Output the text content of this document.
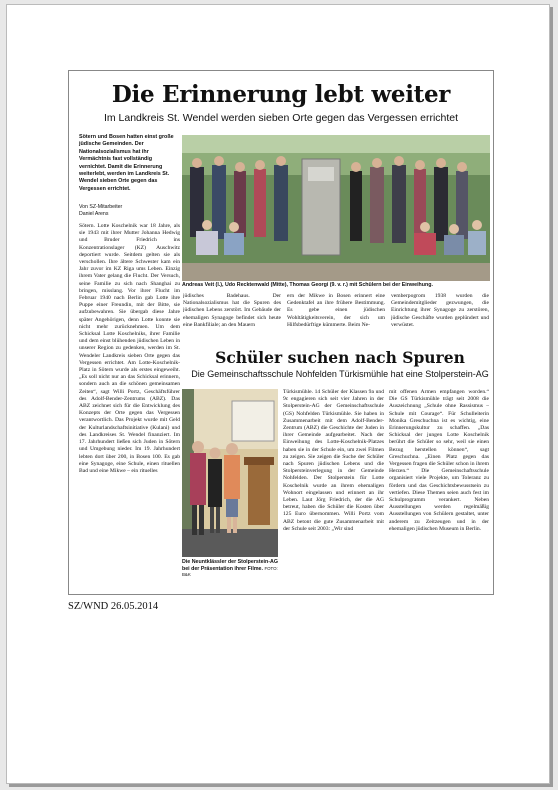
Die Erinnerung lebt weiter
Im Landkreis St. Wendel werden sieben Orte gegen das Vergessen errichtet
Sötern und Bosen hatten einst große jüdische Gemeinden. Der Nationalsozialismus hat ihr Vermächtnis fast vollständig vernichtet. Damit die Erinnerung weiterlebt, werden im Landkreis St. Wendel sieben Orte gegen das Vergessen errichtet.
Von SZ-Mitarbeiter
Daniel Arens
Sötern. Lotte Koschelnik war 18 Jahre, als sie 1943 mit ihrer Mutter Johanna Hedwig und Bruder Friedrich ins Konzentrationslager (KZ) Auschwitz deportiert wurde. Seitdem gelten sie als verschollen. Ihre ältere Schwester kam ein Jahr zuvor im KZ Riga ums Leben. Einzig ihrem Vater gelang die Flucht. Der Versuch, seine Familie zu sich nach Shanghai zu bringen, misslang. Vor ihrer Flucht im Februar 1940 nach Berlin gab Lotte ihre Puppe einer Freundin, mit der Bitte, sie aufzubewahren. Sie übergab diese Jahre später Angehörigen, denn Lotte konnte sie nicht mehr zurücknehmen. Um dem Schicksal Lotte Koschelniks, ihrer Familie und dem einst blühenden jüdischen Leben in unserer Region zu gedenken, werden im St. Wendeler Landkreis sieben Orte gegen das Vergessen errichtet. Am Lotte-Koschelnik-Platz in Sötern wurde als erstes eingeweiht. „Es soll nicht nur an das Schicksal erinnern, sondern auch an die schönen gemeinsamen Zeiten“, sagt Willi Portz, Geschäftsführer des Adolf-Bender-Zentrums (ABZ). Das ABZ zeichnet sich für die Entwicklung des Konzepts der Orte gegen das Vergessen verantwortlich. Das Projekt wurde mit Geld der Kulturlandschaftsinitiative (Kulani) und des Landkreises St. Wendel finanziert. Im 17. Jahrhundert ließen sich Juden in Sötern und Umgebung nieder. Im 19. Jahrhundert lebten dort über 200, in Bosen 100. Es gab eine Synagoge, eine Schule, einen rituellen Bad und eine Mikwe – ein rituelles
Andreas Veit (l.), Udo Recktenwald (Mitte), Thomas Georgi (9. v. r.) mit Schülern bei der Einweihung.
jüdisches Badehaus. Der Nationalsozialismus hat die Spuren des jüdischen Lebens zerstört. Im Gebäude der ehemaligen Synagoge befindet sich heute eine Bankfiliale; an den Mauern
ern der Mikwe in Bosen erinnert eine Gedenktafel an ihre frühere Bestimmung. Es gebe einen jüdischen Wohltätigkeitsverein, der sich um Hilfsbedürftige kümmerte. Beim Ne-
vemberpogrom 1938 wurden die Gemeindemitglieder gezwungen, die Einrichtung ihrer Synagoge zu zerstören, jüdische Geschäfte wurden geplündert und verwüstet.
Schüler suchen nach Spuren
Die Gemeinschaftsschule Nohfelden Türkismühle hat eine Stolperstein-AG
Die Neuntklässler der Stolperstein-AG bei der Präsentation ihrer Filme. FOTO: B&K
Türkismühle. 14 Schüler der Klassen 9a und 9c engagieren sich seit vier Jahren in der Stolperstein-AG der Gemeinschaftsschule (GS) Nohfelden Türkismühle. Sie haben in Zusammenarbeit mit dem Adolf-Bender-Zentrum (ABZ) die Geschichte der Juden in ihrer Gemeinde aufgearbeitet. Nach der Einweihung des Lotte-Koschelnik-Platzes haben sie in der Schule ein, um zwei Filmen zu zeigen. Sie zeigen die Suche der Schüler nach Spuren jüdischen Lebens und die Stolpersteinverlegung in der Gemeinde Nohfelden. Der Stolperstein für Lotte Koschelnik wurde an ihrem ehemaligen Wohnort eingelassen und erinnert an ihr Leben. Laut Jörg Friedrich, der die AG betreut, haben die Schüler die Kosten über 125 Euro übernommen. Willi Portz vom ABZ betont die gute Zusammenarbeit mit der Schule seit 2003: „Wir sind
mit offenen Armen empfangen worden.“ Die GS Türkismühle trägt seit 2008 die Auszeichnung „Schule ohne Rassismus – Schule mit Courage“. Für Schulleiterin Monika Greschuchna ist es wichtig, eine Erinnerungskultur zu schaffen. „Das Schicksal der jungen Lotte Koschelnik berührt die Schüler so sehr, weil sie einen Bezug herstellen können“, sagt Greschuchna. „Einen Platz gegen das Vergessen fragen die Schüler schon in ihrem Herzen.“ Die Gemeinschaftsschule organisiert viele Projekte, um Toleranz zu fördern und das Geschichtsbewusstsein zu vertiefen. Diese Themen seien auch fest im Schulprogramm verankert. Neben Ausstellungen werden regelmäßig Ausstellungen von Schülern gestaltet, unter anderem zu Zeitzeugen und in der ehemaligen jüdischen Museum in Berlin.
SZ/WND 26.05.2014
